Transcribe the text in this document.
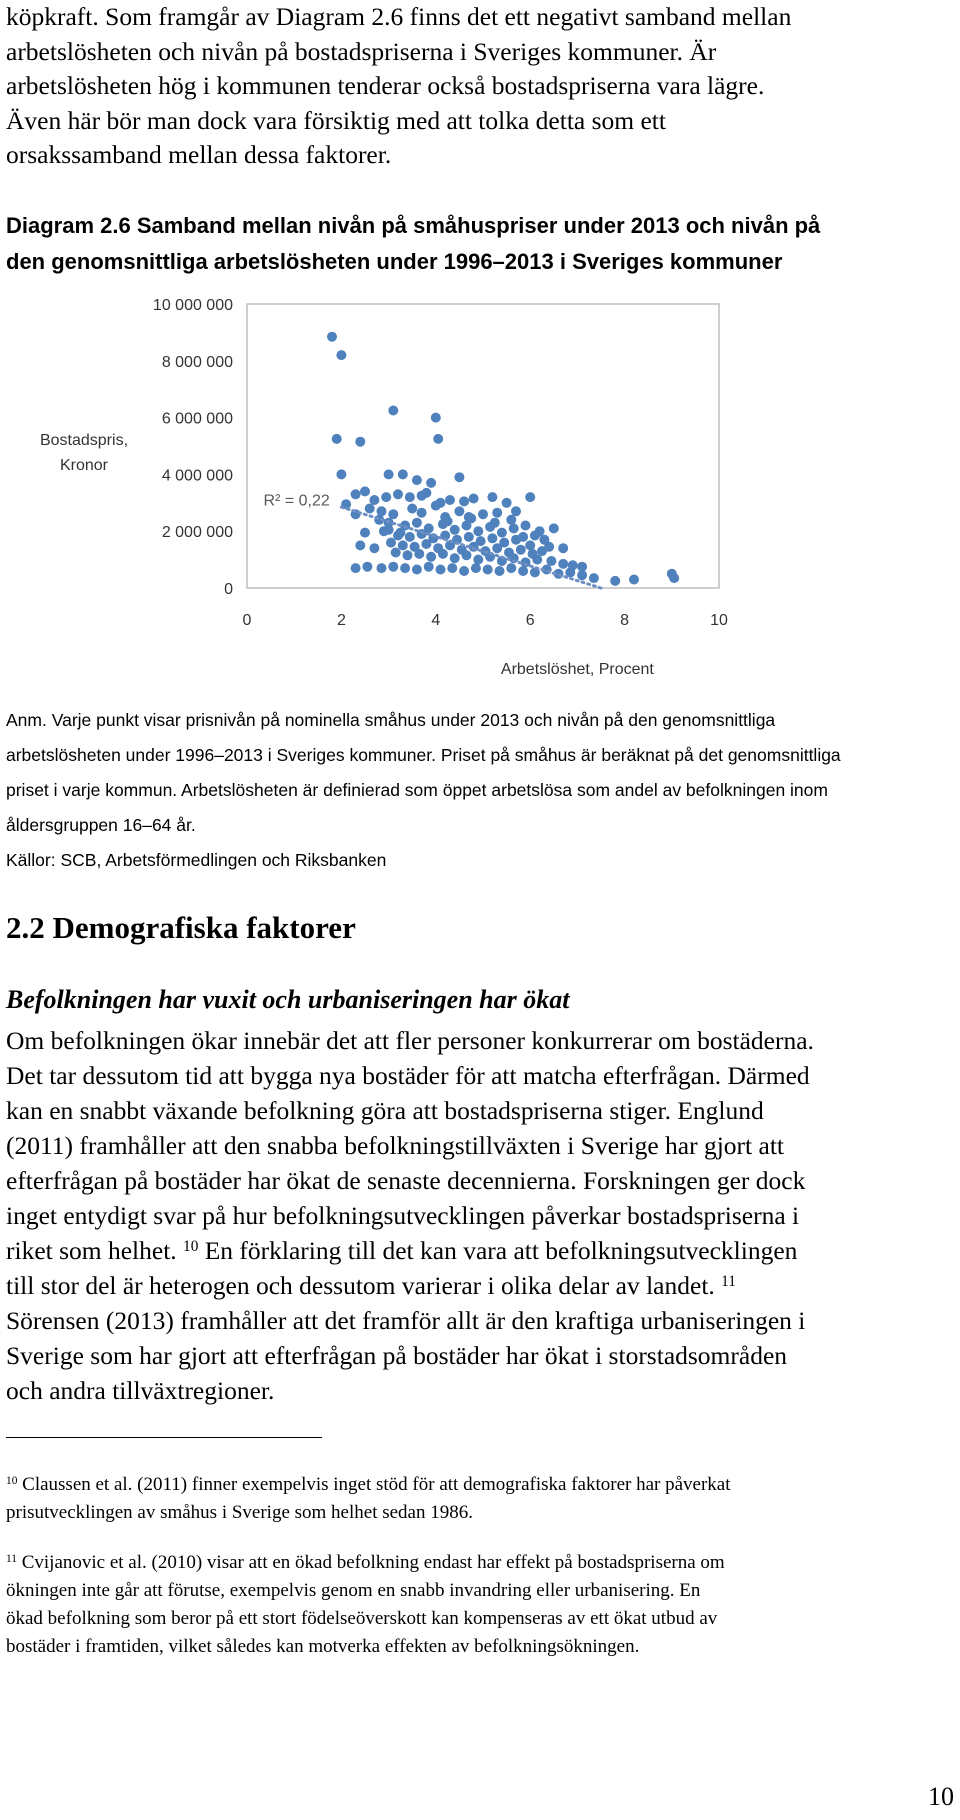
köpkraft. Som framgår av Diagram 2.6 finns det ett negativt samband mellan

arbetslösheten och nivån på bostadspriserna i Sveriges kommuner. Är

arbetslösheten hög i kommunen tenderar också bostadspriserna vara lägre.

Även här bör man dock vara försiktig med att tolka detta som ett

orsakssamband mellan dessa faktorer.

Diagram 2.6 Samband mellan nivån på småhuspriser under 2013 och nivån på
den genomsnittliga arbetslösheten under 1996–2013 i Sveriges kommuner
0
2 000 000
4 000 000
6 000 000
8 000 000
10 000 000
0	2	4	6	8	10
Arbetslöshet, Procent
Bostadspris,
Kronor
R² = 0,22

Anm. Varje punkt visar prisnivån på nominella småhus under 2013 och nivån på den genomsnittliga

arbetslösheten under 1996–2013 i Sveriges kommuner. Priset på småhus är beräknat på det genomsnittliga

priset i varje kommun. Arbetslösheten är definierad som öppet arbetslösa som andel av befolkningen inom

åldersgruppen 16–64 år.

Källor: SCB, Arbetsförmedlingen och Riksbanken

2.2 Demografiska faktorer
Befolkningen har vuxit och urbaniseringen har ökat

Om befolkningen ökar innebär det att fler personer konkurrerar om bostäderna.

Det tar dessutom tid att bygga nya bostäder för att matcha efterfrågan. Därmed

kan en snabbt växande befolkning göra att bostadspriserna stiger. Englund

(2011) framhåller att den snabba befolkningstillväxten i Sverige har gjort att

efterfrågan på bostäder har ökat de senaste decennierna. Forskningen ger dock

inget entydigt svar på hur befolkningsutvecklingen påverkar bostadspriserna i

riket som helhet. $^{10}$ En förklaring till det kan vara att befolkningsutvecklingen

till stor del är heterogen och dessutom varierar i olika delar av landet. $^{11}$

Sörensen (2013) framhåller att det framför allt är den kraftiga urbaniseringen i

Sverige som har gjort att efterfrågan på bostäder har ökat i storstadsområden

och andra tillväxtregioner.

$^{10}$ Claussen et al. (2011) finner exempelvis inget stöd för att demografiska faktorer har påverkat

prisutvecklingen av småhus i Sverige som helhet sedan 1986.

$^{11}$ Cvijanovic et al. (2010) visar att en ökad befolkning endast har effekt på bostadspriserna om

ökningen inte går att förutse, exempelvis genom en snabb invandring eller urbanisering. En

ökad befolkning som beror på ett stort födelseöverskott kan kompenseras av ett ökat utbud av

bostäder i framtiden, vilket således kan motverka effekten av befolkningsökningen.

10
